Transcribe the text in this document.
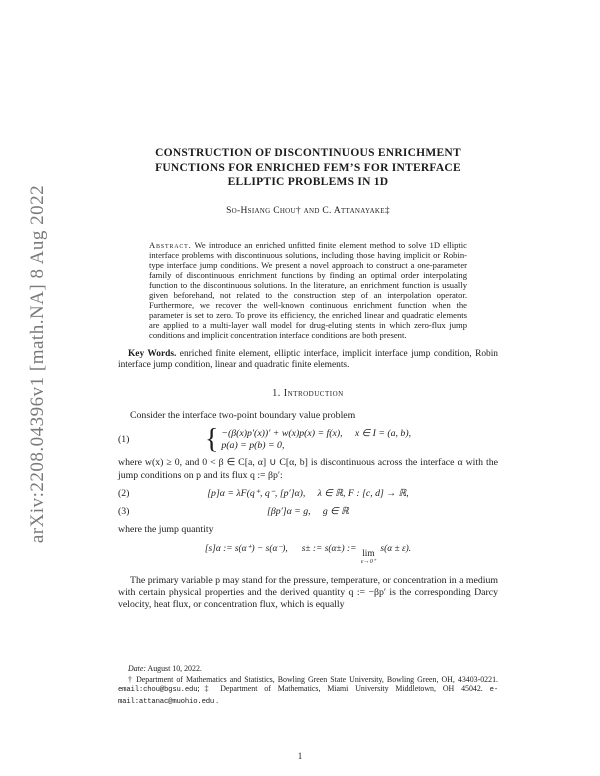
arXiv:2208.04396v1 [math.NA] 8 Aug 2022
CONSTRUCTION OF DISCONTINUOUS ENRICHMENT
FUNCTIONS FOR ENRICHED FEM’S FOR INTERFACE
ELLIPTIC PROBLEMS IN 1D
So-Hsiang Chou† and C. Attanayake‡
Abstract. We introduce an enriched unfitted finite element method to solve 1D elliptic interface problems with discontinuous solutions, including those having implicit or Robin-type interface jump conditions. We present a novel approach to construct a one-parameter family of discontinuous enrichment functions by finding an optimal order interpolating function to the discontinuous solutions. In the literature, an enrichment function is usually given beforehand, not related to the construction step of an interpolation operator. Furthermore, we recover the well-known continuous enrichment function when the parameter is set to zero. To prove its efficiency, the enriched linear and quadratic elements are applied to a multi-layer wall model for drug-eluting stents in which zero-flux jump conditions and implicit concentration interface conditions are both present.
Key Words. enriched finite element, elliptic interface, implicit interface jump condition, Robin interface jump condition, linear and quadratic finite elements.
1. Introduction
Consider the interface two-point boundary value problem
(1)	{ −(β(x)p′(x))′ + w(x)p(x) = f(x),  x ∈ I = (a, b),
p(a) = p(b) = 0,
where w(x) ≥ 0, and 0 < β ∈ C[a, α] ∪ C[α, b] is discontinuous across the interface α with the jump conditions on p and its flux q := βp′:
(2)	[p]α = λF(q⁺, q⁻, [p′]α),  λ ∈ ℝ, F : [c, d] → ℝ,
(3)	[βp′]α = g,  g ∈ ℝ
where the jump quantity
[s]α := s(α⁺) − s(α⁻), s± := s(α±) := lim
ε→0⁺
s(α ± ε).
The primary variable p may stand for the pressure, temperature, or concentration in a medium with certain physical properties and the derived quantity q := −βp′ is the corresponding Darcy velocity, heat flux, or concentration flux, which is equally
Date: August 10, 2022.
† Department of Mathematics and Statistics, Bowling Green State University, Bowling Green, OH, 43403-0221. email:chou@bgsu.edu;‡ Department of Mathematics, Miami University Middletown, OH 45042. e-mail:attanac@muohio.edu .
1
